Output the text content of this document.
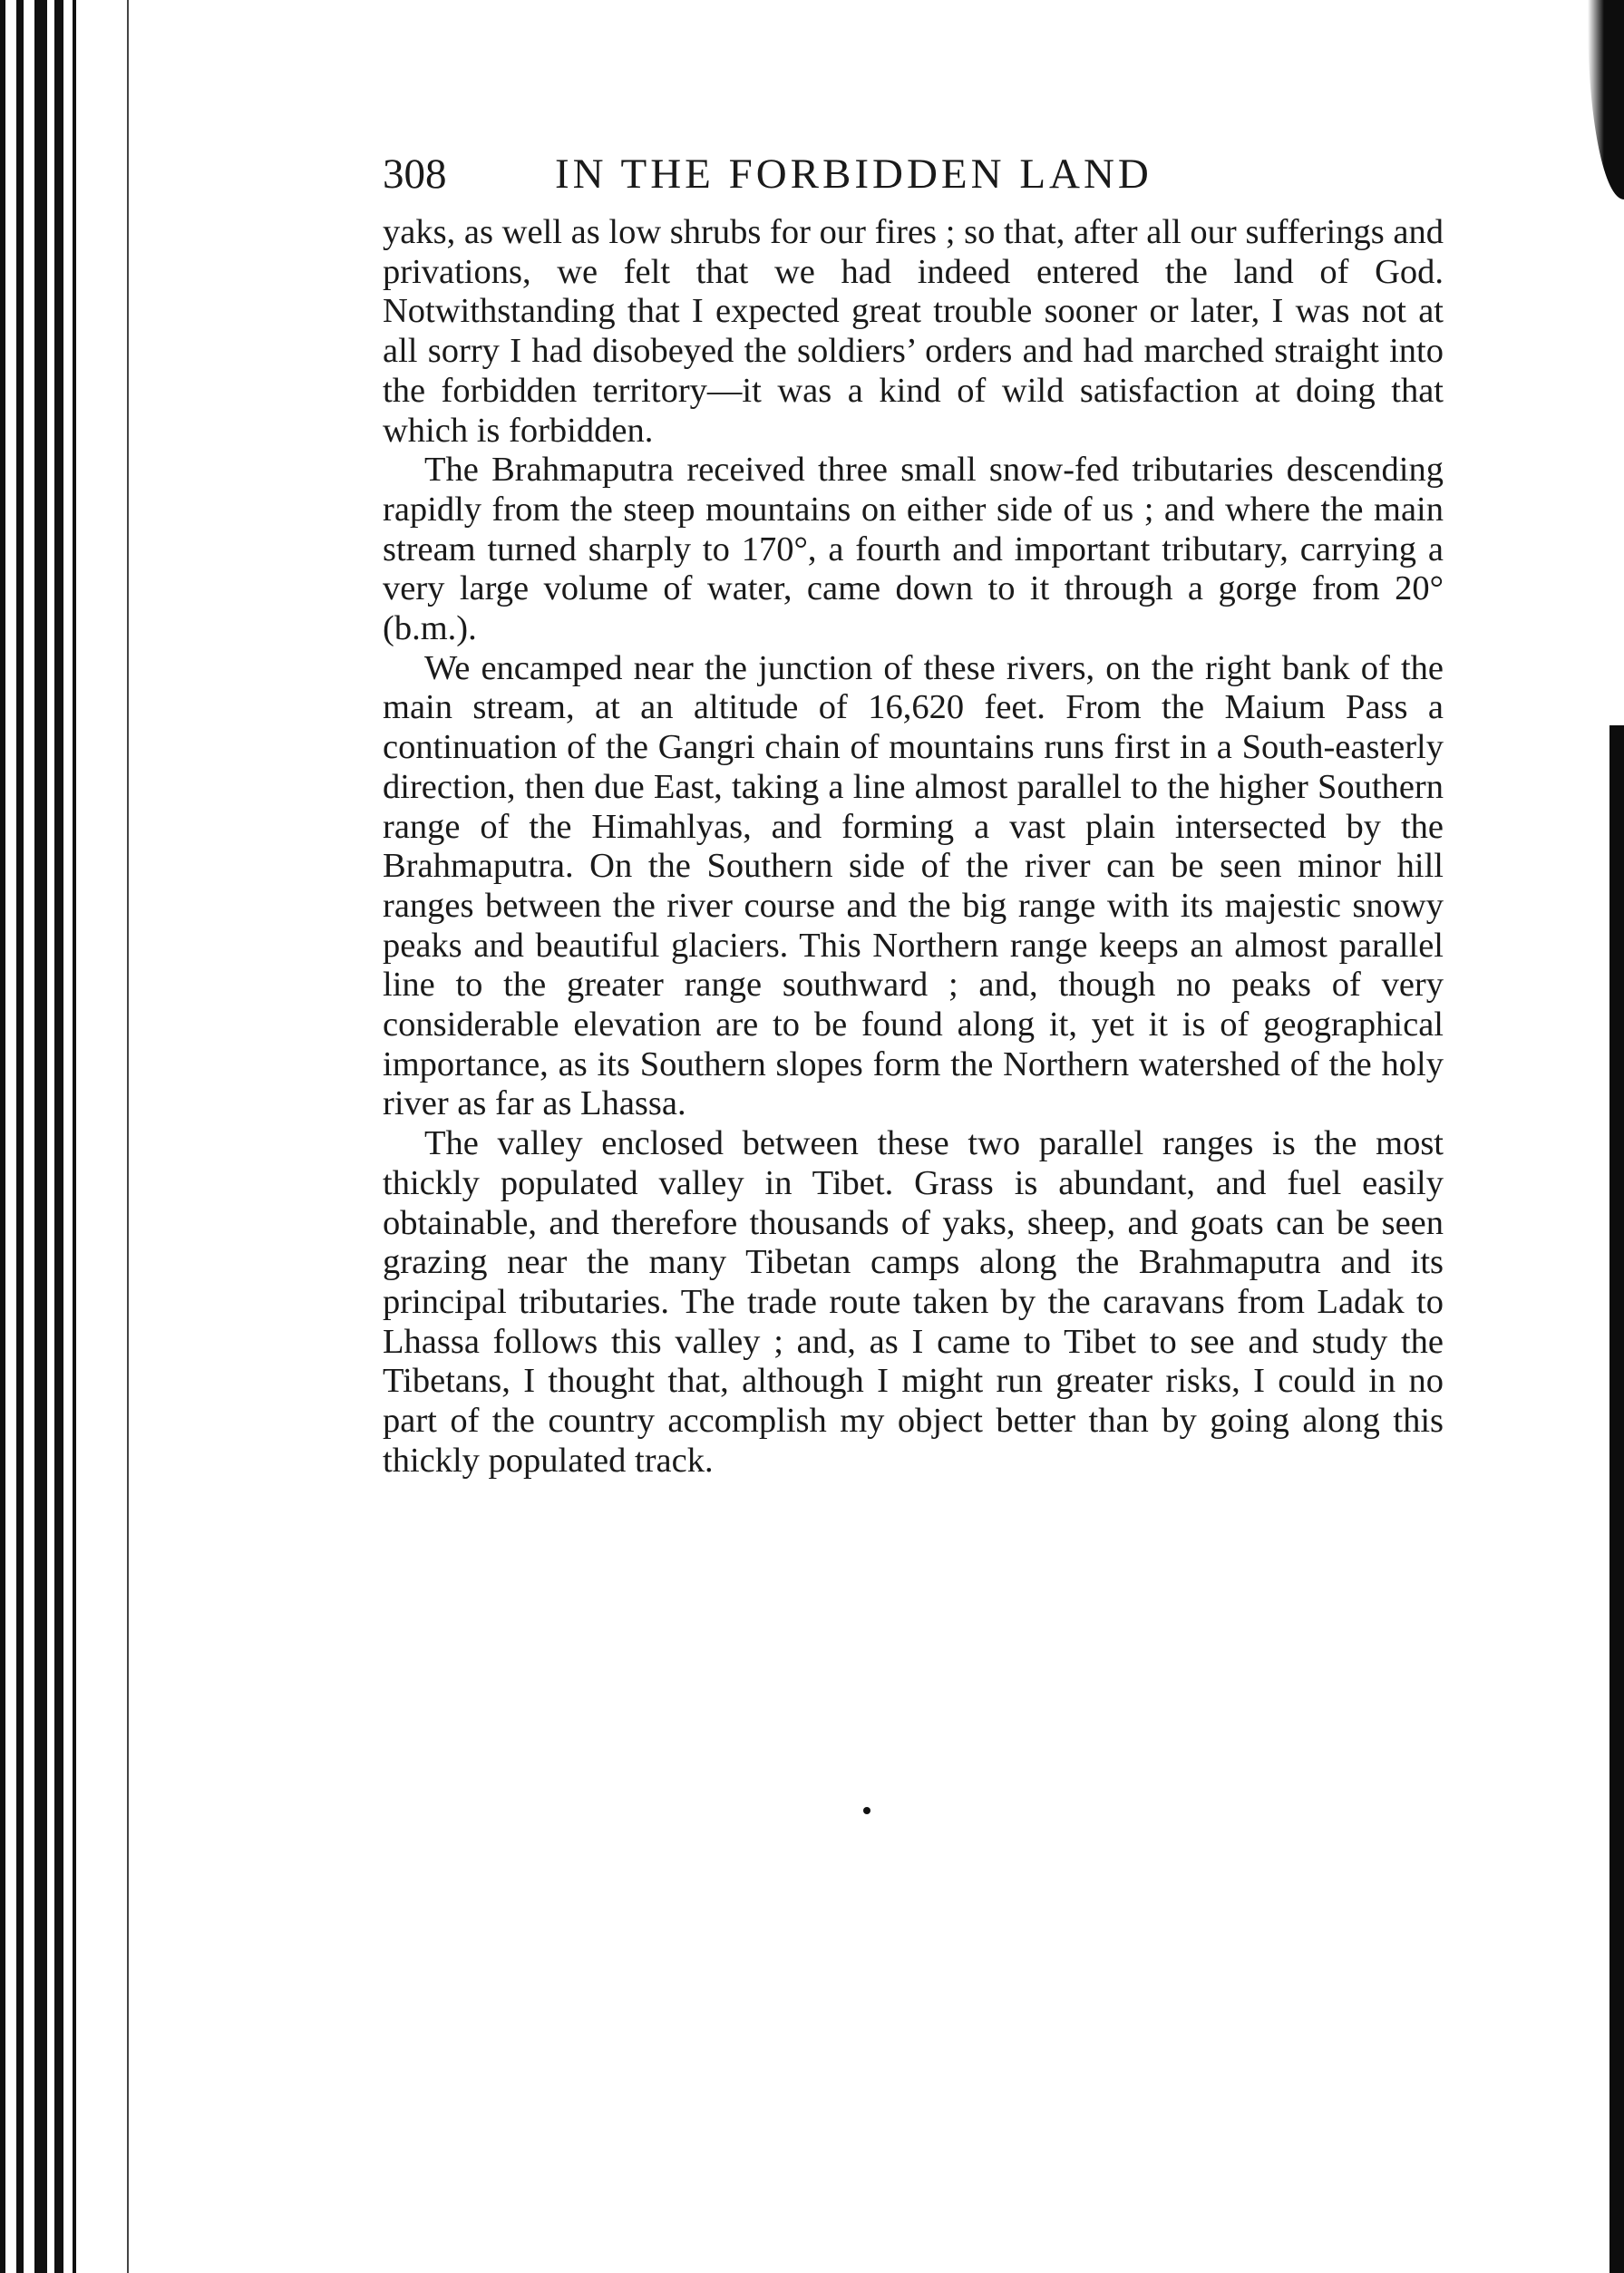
308	IN THE FORBIDDEN LAND

yaks, as well as low shrubs for our fires ; so that, after all our sufferings and privations, we felt that we had indeed entered the land of God. Notwithstanding that I expected great trouble sooner or later, I was not at all sorry I had disobeyed the soldiers’ orders and had marched straight into the forbidden territory—it was a kind of wild satisfaction at doing that which is forbidden.

The Brahmaputra received three small snow-fed tributaries descending rapidly from the steep mountains on either side of us ; and where the main stream turned sharply to 170°, a fourth and important tributary, carrying a very large volume of water, came down to it through a gorge from 20° (b.m.).

We encamped near the junction of these rivers, on the right bank of the main stream, at an altitude of 16,620 feet. From the Maium Pass a continuation of the Gangri chain of mountains runs first in a South-easterly direction, then due East, taking a line almost parallel to the higher Southern range of the Himahlyas, and forming a vast plain intersected by the Brahmaputra. On the Southern side of the river can be seen minor hill ranges between the river course and the big range with its majestic snowy peaks and beautiful glaciers. This Northern range keeps an almost parallel line to the greater range southward ; and, though no peaks of very considerable elevation are to be found along it, yet it is of geographical importance, as its Southern slopes form the Northern watershed of the holy river as far as Lhassa.

The valley enclosed between these two parallel ranges is the most thickly populated valley in Tibet. Grass is abundant, and fuel easily obtainable, and therefore thousands of yaks, sheep, and goats can be seen grazing near the many Tibetan camps along the Brahmaputra and its principal tributaries. The trade route taken by the caravans from Ladak to Lhassa follows this valley ; and, as I came to Tibet to see and study the Tibetans, I thought that, although I might run greater risks, I could in no part of the country accomplish my object better than by going along this thickly populated track.
